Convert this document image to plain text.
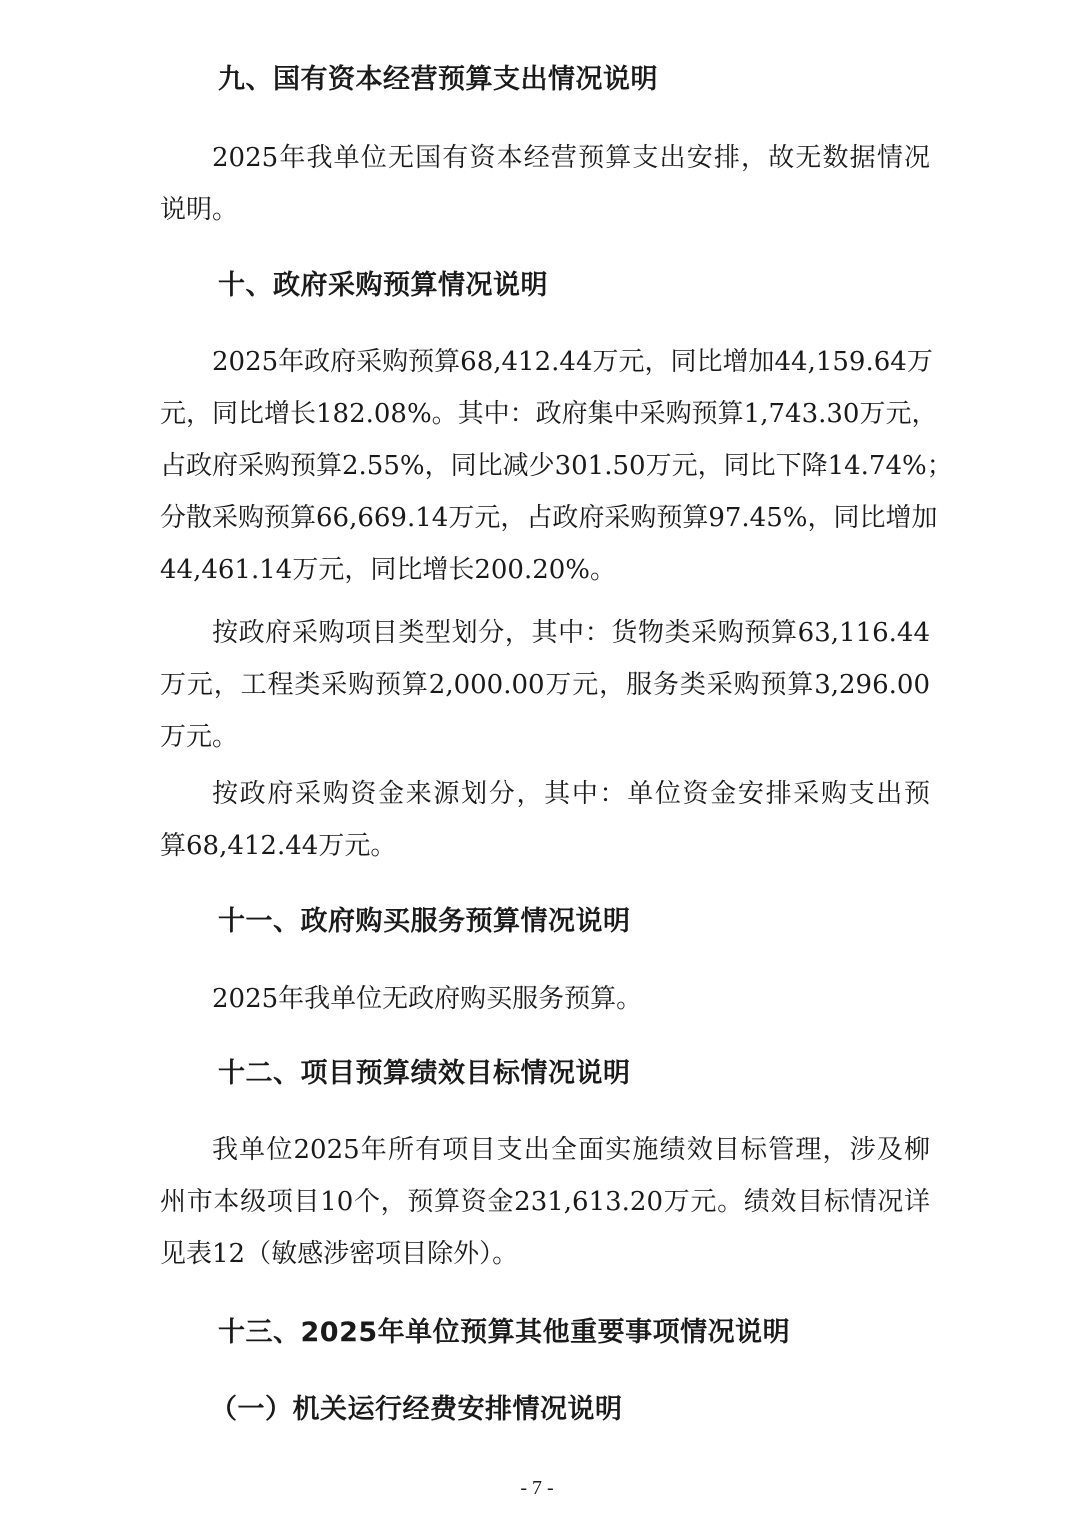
九、国有资本经营预算支出情况说明

2025年我单位无国有资本经营预算支出安排，故无数据情况
说明。

十、政府采购预算情况说明

2025年政府采购预算68,412.44万元，同比增加44,159.64万
元，同比增长182.08%。其中：政府集中采购预算1,743.30万元，
占政府采购预算2.55%，同比减少301.50万元，同比下降14.74%；
分散采购预算66,669.14万元，占政府采购预算97.45%，同比增加
44,461.14万元，同比增长200.20%。

按政府采购项目类型划分，其中：货物类采购预算63,116.44
万元，工程类采购预算2,000.00万元，服务类采购预算3,296.00
万元。

按政府采购资金来源划分，其中：单位资金安排采购支出预
算68,412.44万元。

十一、政府购买服务预算情况说明

2025年我单位无政府购买服务预算。

十二、项目预算绩效目标情况说明

我单位2025年所有项目支出全面实施绩效目标管理，涉及柳
州市本级项目10个，预算资金231,613.20万元。绩效目标情况详
见表12（敏感涉密项目除外）。

十三、2025年单位预算其他重要事项情况说明
（一）机关运行经费安排情况说明
- 7 -
